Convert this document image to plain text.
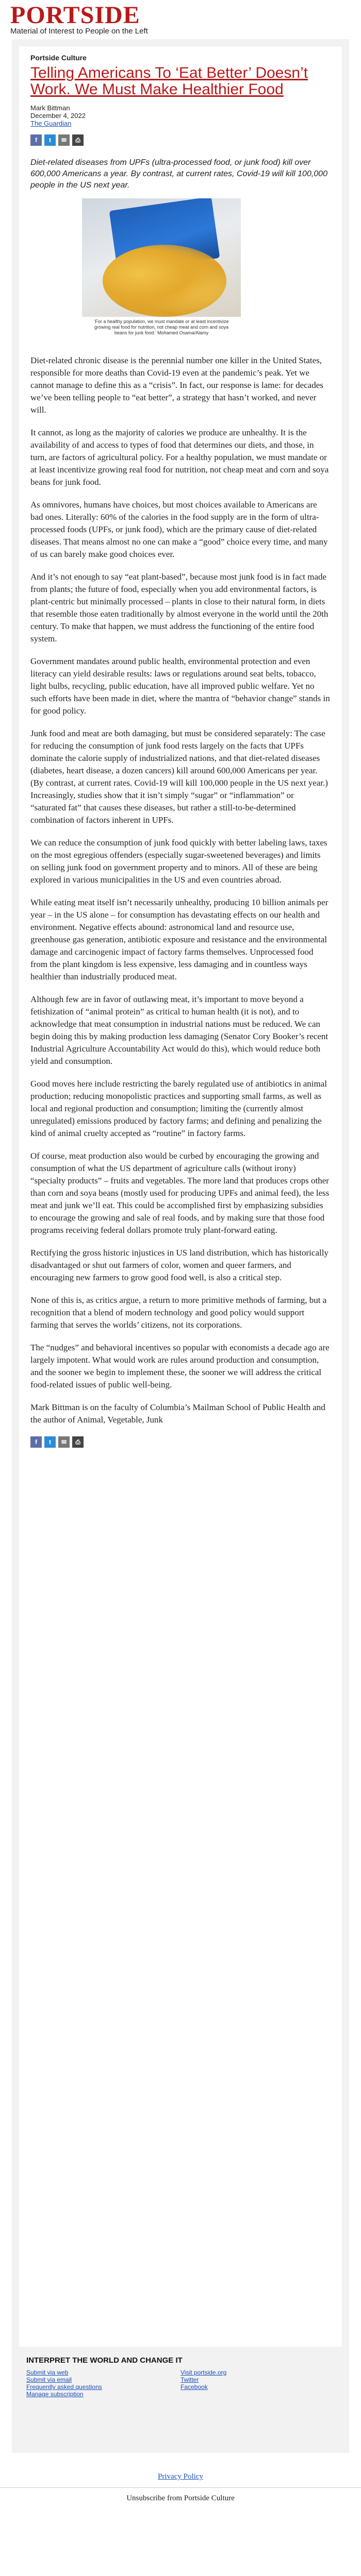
PORTSIDE
Material of Interest to People on the Left
Portside Culture
Telling Americans To ‘Eat Better’ Doesn’t Work. We Must Make Healthier Food
Mark Bittman
December 4, 2022
The Guardian
f	t	✉	⎙
Diet-related diseases from UPFs (ultra-processed food, or junk food) kill over 600,000 Americans a year. By contrast, at current rates, Covid-19 will kill 100,000 people in the US next year.
‘For a healthy population, we must mandate or at least incentivize growing real food for nutrition, not cheap meat and corn and soya beans for junk food.’ Mohamed Osama/Alamy

Diet-related chronic disease is the perennial number one killer in the United States, responsible for more deaths than Covid-19 even at the pandemic’s peak. Yet we cannot manage to define this as a “crisis”. In fact, our response is lame: for decades we’ve been telling people to “eat better”, a strategy that hasn’t worked, and never will.

It cannot, as long as the majority of calories we produce are unhealthy. It is the availability of and access to types of food that determines our diets, and those, in turn, are factors of agricultural policy. For a healthy population, we must mandate or at least incentivize growing real food for nutrition, not cheap meat and corn and soya beans for junk food.

As omnivores, humans have choices, but most choices available to Americans are bad ones. Literally: 60% of the calories in the food supply are in the form of ultra-processed foods (UPFs, or junk food), which are the primary cause of diet-related diseases. That means almost no one can make a “good” choice every time, and many of us can barely make good choices ever.

And it’s not enough to say “eat plant-based”, because most junk food is in fact made from plants; the future of food, especially when you add environmental factors, is plant-centric but minimally processed – plants in close to their natural form, in diets that resemble those eaten traditionally by almost everyone in the world until the 20th century. To make that happen, we must address the functioning of the entire food system.

Government mandates around public health, environmental protection and even literacy can yield desirable results: laws or regulations around seat belts, tobacco, light bulbs, recycling, public education, have all improved public welfare. Yet no such efforts have been made in diet, where the mantra of “behavior change” stands in for good policy.

Junk food and meat are both damaging, but must be considered separately: The case for reducing the consumption of junk food rests largely on the facts that UPFs dominate the calorie supply of industrialized nations, and that diet-related diseases (diabetes, heart disease, a dozen cancers) kill around 600,000 Americans per year. (By contrast, at current rates. Covid-19 will kill 100,000 people in the US next year.) Increasingly, studies show that it isn’t simply “sugar” or “inflammation” or “saturated fat” that causes these diseases, but rather a still-to-be-determined combination of factors inherent in UPFs.

We can reduce the consumption of junk food quickly with better labeling laws, taxes on the most egregious offenders (especially sugar-sweetened beverages) and limits on selling junk food on government property and to minors. All of these are being explored in various municipalities in the US and even countries abroad.

While eating meat itself isn’t necessarily unhealthy, producing 10 billion animals per year – in the US alone – for consumption has devastating effects on our health and environment. Negative effects abound: astronomical land and resource use, greenhouse gas generation, antibiotic exposure and resistance and the environmental damage and carcinogenic impact of factory farms themselves. Unprocessed food from the plant kingdom is less expensive, less damaging and in countless ways healthier than industrially produced meat.

Although few are in favor of outlawing meat, it’s important to move beyond a fetishization of “animal protein” as critical to human health (it is not), and to acknowledge that meat consumption in industrial nations must be reduced. We can begin doing this by making production less damaging (Senator Cory Booker’s recent Industrial Agriculture Accountability Act would do this), which would reduce both yield and consumption.

Good moves here include restricting the barely regulated use of antibiotics in animal production; reducing monopolistic practices and supporting small farms, as well as local and regional production and consumption; limiting the (currently almost unregulated) emissions produced by factory farms; and defining and penalizing the kind of animal cruelty accepted as “routine” in factory farms.

Of course, meat production also would be curbed by encouraging the growing and consumption of what the US department of agriculture calls (without irony) “specialty products” – fruits and vegetables. The more land that produces crops other than corn and soya beans (mostly used for producing UPFs and animal feed), the less meat and junk we’ll eat. This could be accomplished first by emphasizing subsidies to encourage the growing and sale of real foods, and by making sure that those food programs receiving federal dollars promote truly plant-forward eating.

Rectifying the gross historic injustices in US land distribution, which has historically disadvantaged or shut out farmers of color, women and queer farmers, and encouraging new farmers to grow good food well, is also a critical step.

None of this is, as critics argue, a return to more primitive methods of farming, but a recognition that a blend of modern technology and good policy would support farming that serves the worlds’ citizens, not its corporations.

The “nudges” and behavioral incentives so popular with economists a decade ago are largely impotent. What would work are rules around production and consumption, and the sooner we begin to implement these, the sooner we will address the critical food-related issues of public well-being.

Mark Bittman is on the faculty of Columbia’s Mailman School of Public Health and the author of Animal, Vegetable, Junk

f	t	✉	⎙
INTERPRET THE WORLD AND CHANGE IT
Submit via web
Submit via email
Frequently asked questions
Manage subscription
Visit portside.org
Twitter
Facebook
Privacy Policy
Unsubscribe from Portside Culture
